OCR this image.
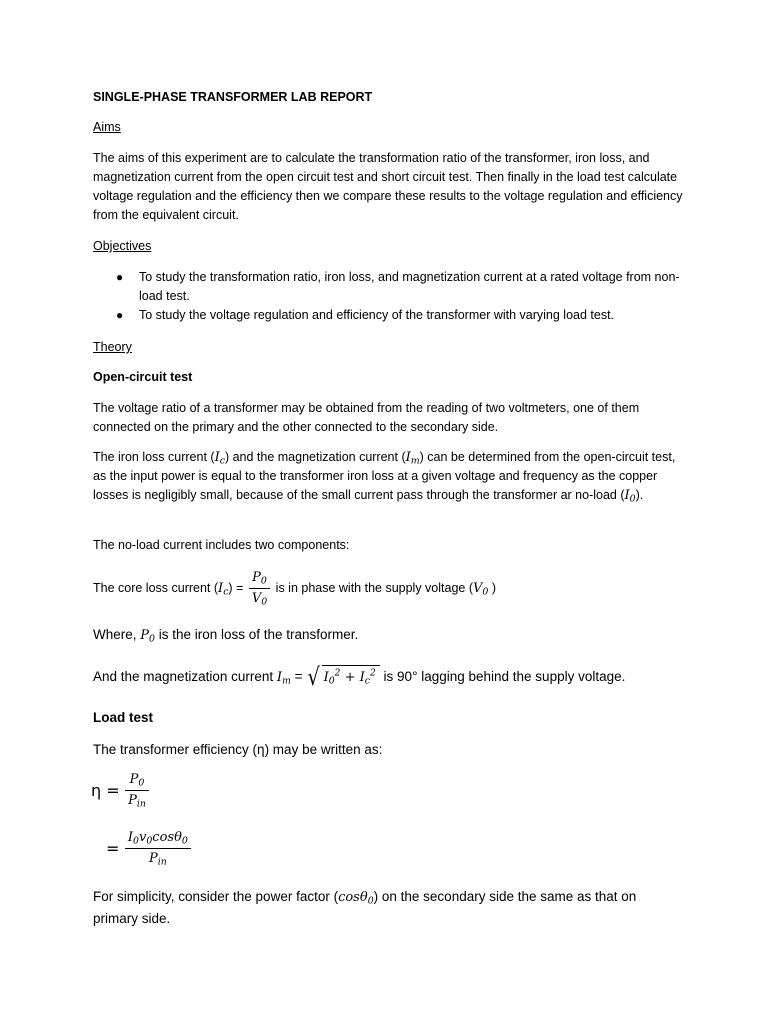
SINGLE-PHASE TRANSFORMER LAB REPORT

Aims

The aims of this experiment are to calculate the transformation ratio of the transformer, iron loss, and magnetization current from the open circuit test and short circuit test. Then finally in the load test calculate voltage regulation and the efficiency then we compare these results to the voltage regulation and efficiency from the equivalent circuit.

Objectives

● To study the transformation ratio, iron loss, and magnetization current at a rated voltage from non-load test.
● To study the voltage regulation and efficiency of the transformer with varying load test.

Theory

Open-circuit test

The voltage ratio of a transformer may be obtained from the reading of two voltmeters, one of them connected on the primary and the other connected to the secondary side.

The iron loss current $(I_c)$ and the magnetization current $(I_m)$ can be determined from the open-circuit test, as the input power is equal to the transformer iron loss at a given voltage and frequency as the copper losses is negligibly small, because of the small current pass through the transformer ar no-load $(I_0)$.

The no-load current includes two components:

The core loss current $(I_c) = \frac{P_0}{V_0}$ is in phase with the supply voltage ($V_0$ )

Where, $P_0$ is the iron loss of the transformer.

And the magnetization current $I_m$ = √ $I_0^2 + I_c^2$ is 90° lagging behind the supply voltage.

Load test

The transformer efficiency (η) may be written as:

$\eta = \frac{P_0}{P_{in}}$
= $\frac{I_0v_0\cos\theta_0}{P_{in}}$

For simplicity, consider the power factor (cosθ$_0$) on the secondary side the same as that on primary side.
